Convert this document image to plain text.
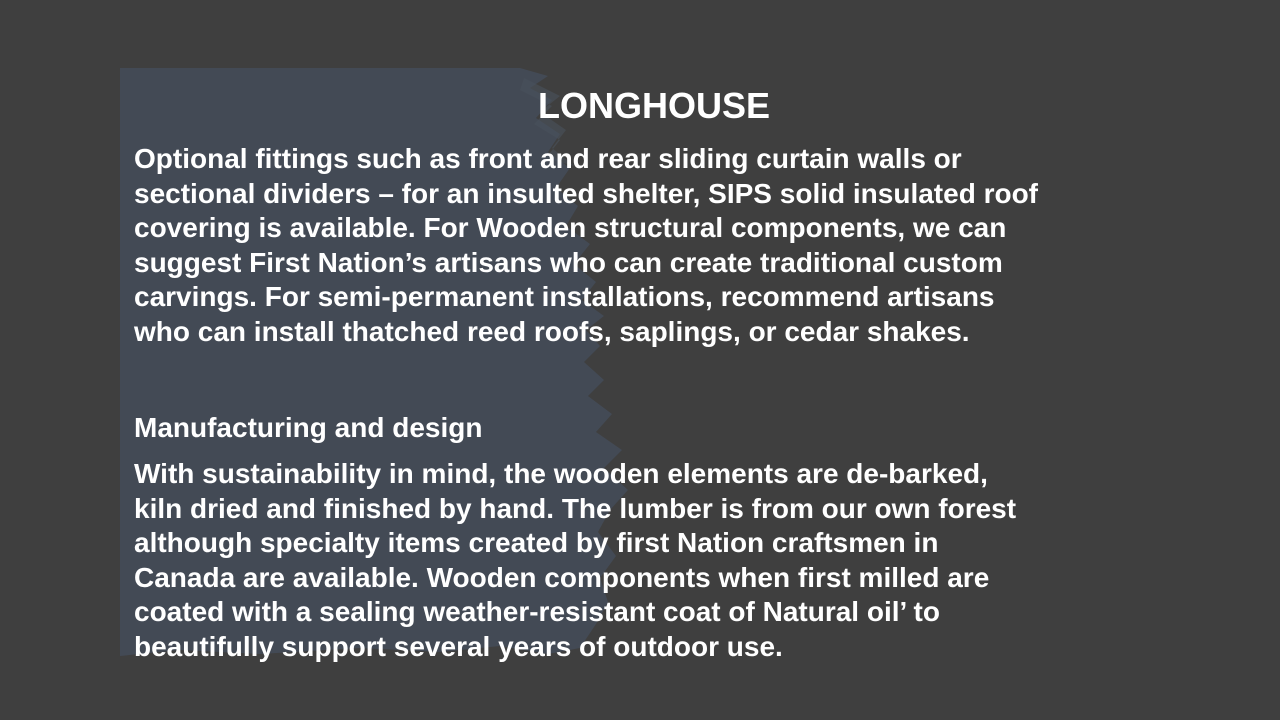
LONGHOUSE

Optional fittings such as front and rear sliding curtain walls or
sectional dividers – for an insulted shelter, SIPS solid insulated roof
covering is available. For Wooden structural components, we can
suggest First Nation’s artisans who can create traditional custom
carvings. For semi-permanent installations, recommend artisans
who can install thatched reed roofs, saplings, or cedar shakes.

Manufacturing and design

With sustainability in mind, the wooden elements are de-barked,
kiln dried and finished by hand. The lumber is from our own forest
although specialty items created by first Nation craftsmen in
Canada are available. Wooden components when first milled are
coated with a sealing weather-resistant coat of Natural oil’ to
beautifully support several years of outdoor use.
